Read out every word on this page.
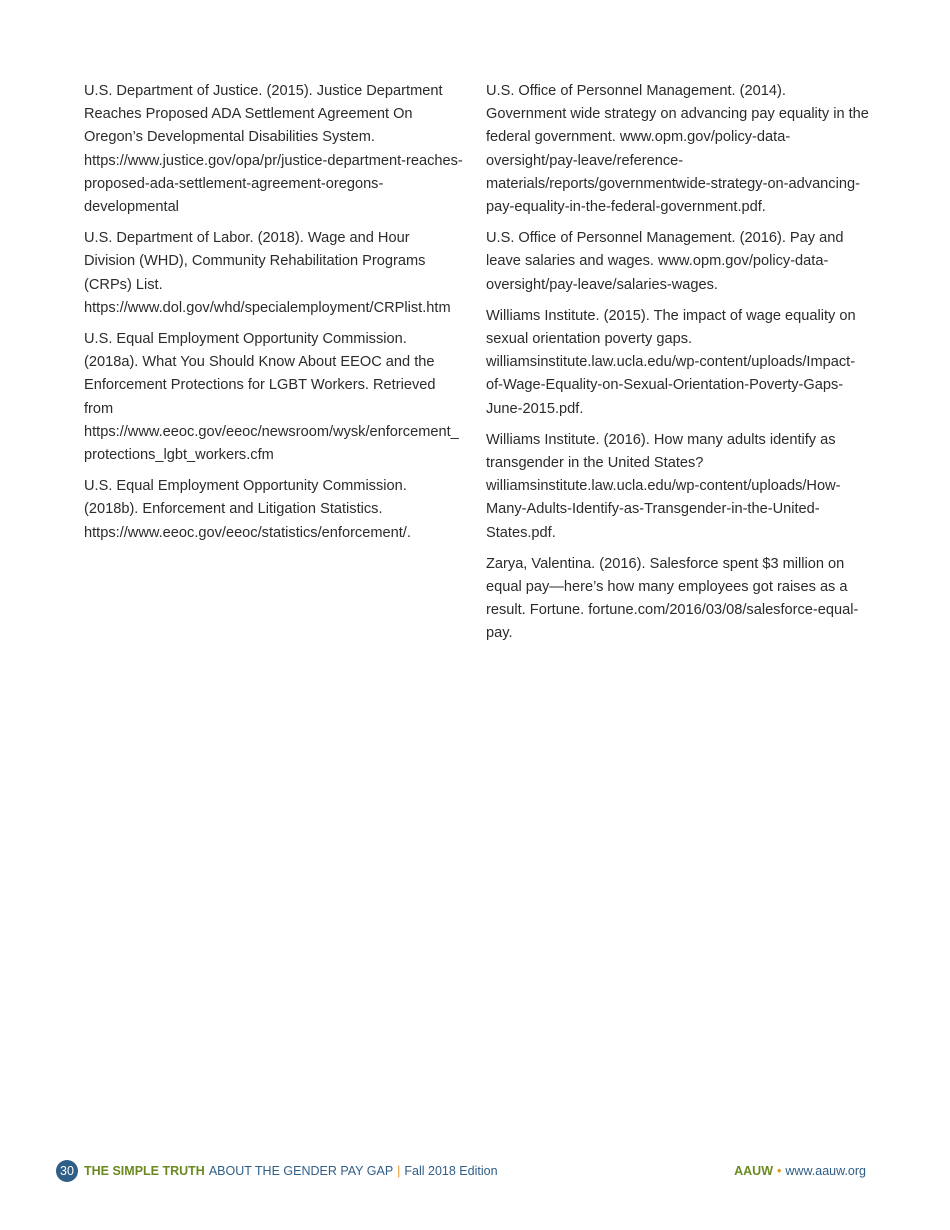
U.S. Department of Justice. (2015). Justice Department Reaches Proposed ADA Settlement Agreement On Oregon’s Developmental Disabilities System. https://www.justice.gov/opa/pr/justice-department-reaches-proposed-ada-settlement-agreement-oregons-developmental

U.S. Department of Labor. (2018). Wage and Hour Division (WHD), Community Rehabilitation Programs (CRPs) List. https://www.dol.gov/whd/specialemployment/CRPlist.htm

U.S. Equal Employment Opportunity Commission. (2018a). What You Should Know About EEOC and the Enforcement Protections for LGBT Workers. Retrieved from https://www.eeoc.gov/eeoc/newsroom/wysk/enforcement_protections_lgbt_workers.cfm

U.S. Equal Employment Opportunity Commission. (2018b). Enforcement and Litigation Statistics. https://www.eeoc.gov/eeoc/statistics/enforcement/.

U.S. Office of Personnel Management. (2014). Government wide strategy on advancing pay equality in the federal government. www.opm.gov/policy-data-oversight/pay-leave/reference-materials/reports/governmentwide-strategy-on-advancing-pay-equality-in-the-federal-government.pdf.

U.S. Office of Personnel Management. (2016). Pay and leave salaries and wages. www.opm.gov/policy-data-oversight/pay-leave/salaries-wages.

Williams Institute. (2015). The impact of wage equality on sexual orientation poverty gaps. williamsinstitute.law.ucla.edu/wp-content/uploads/Impact-of-Wage-Equality-on-Sexual-Orientation-Poverty-Gaps-June-2015.pdf.

Williams Institute. (2016). How many adults identify as transgender in the United States? williamsinstitute.law.ucla.edu/wp-content/uploads/How-Many-Adults-Identify-as-Transgender-in-the-United-States.pdf.

Zarya, Valentina. (2016). Salesforce spent $3 million on equal pay—here’s how many employees got raises as a result. Fortune. fortune.com/2016/03/08/salesforce-equal-pay.

30 THE SIMPLE TRUTH ABOUT THE GENDER PAY GAP | Fall 2018 Edition	AAUW • www.aauw.org
